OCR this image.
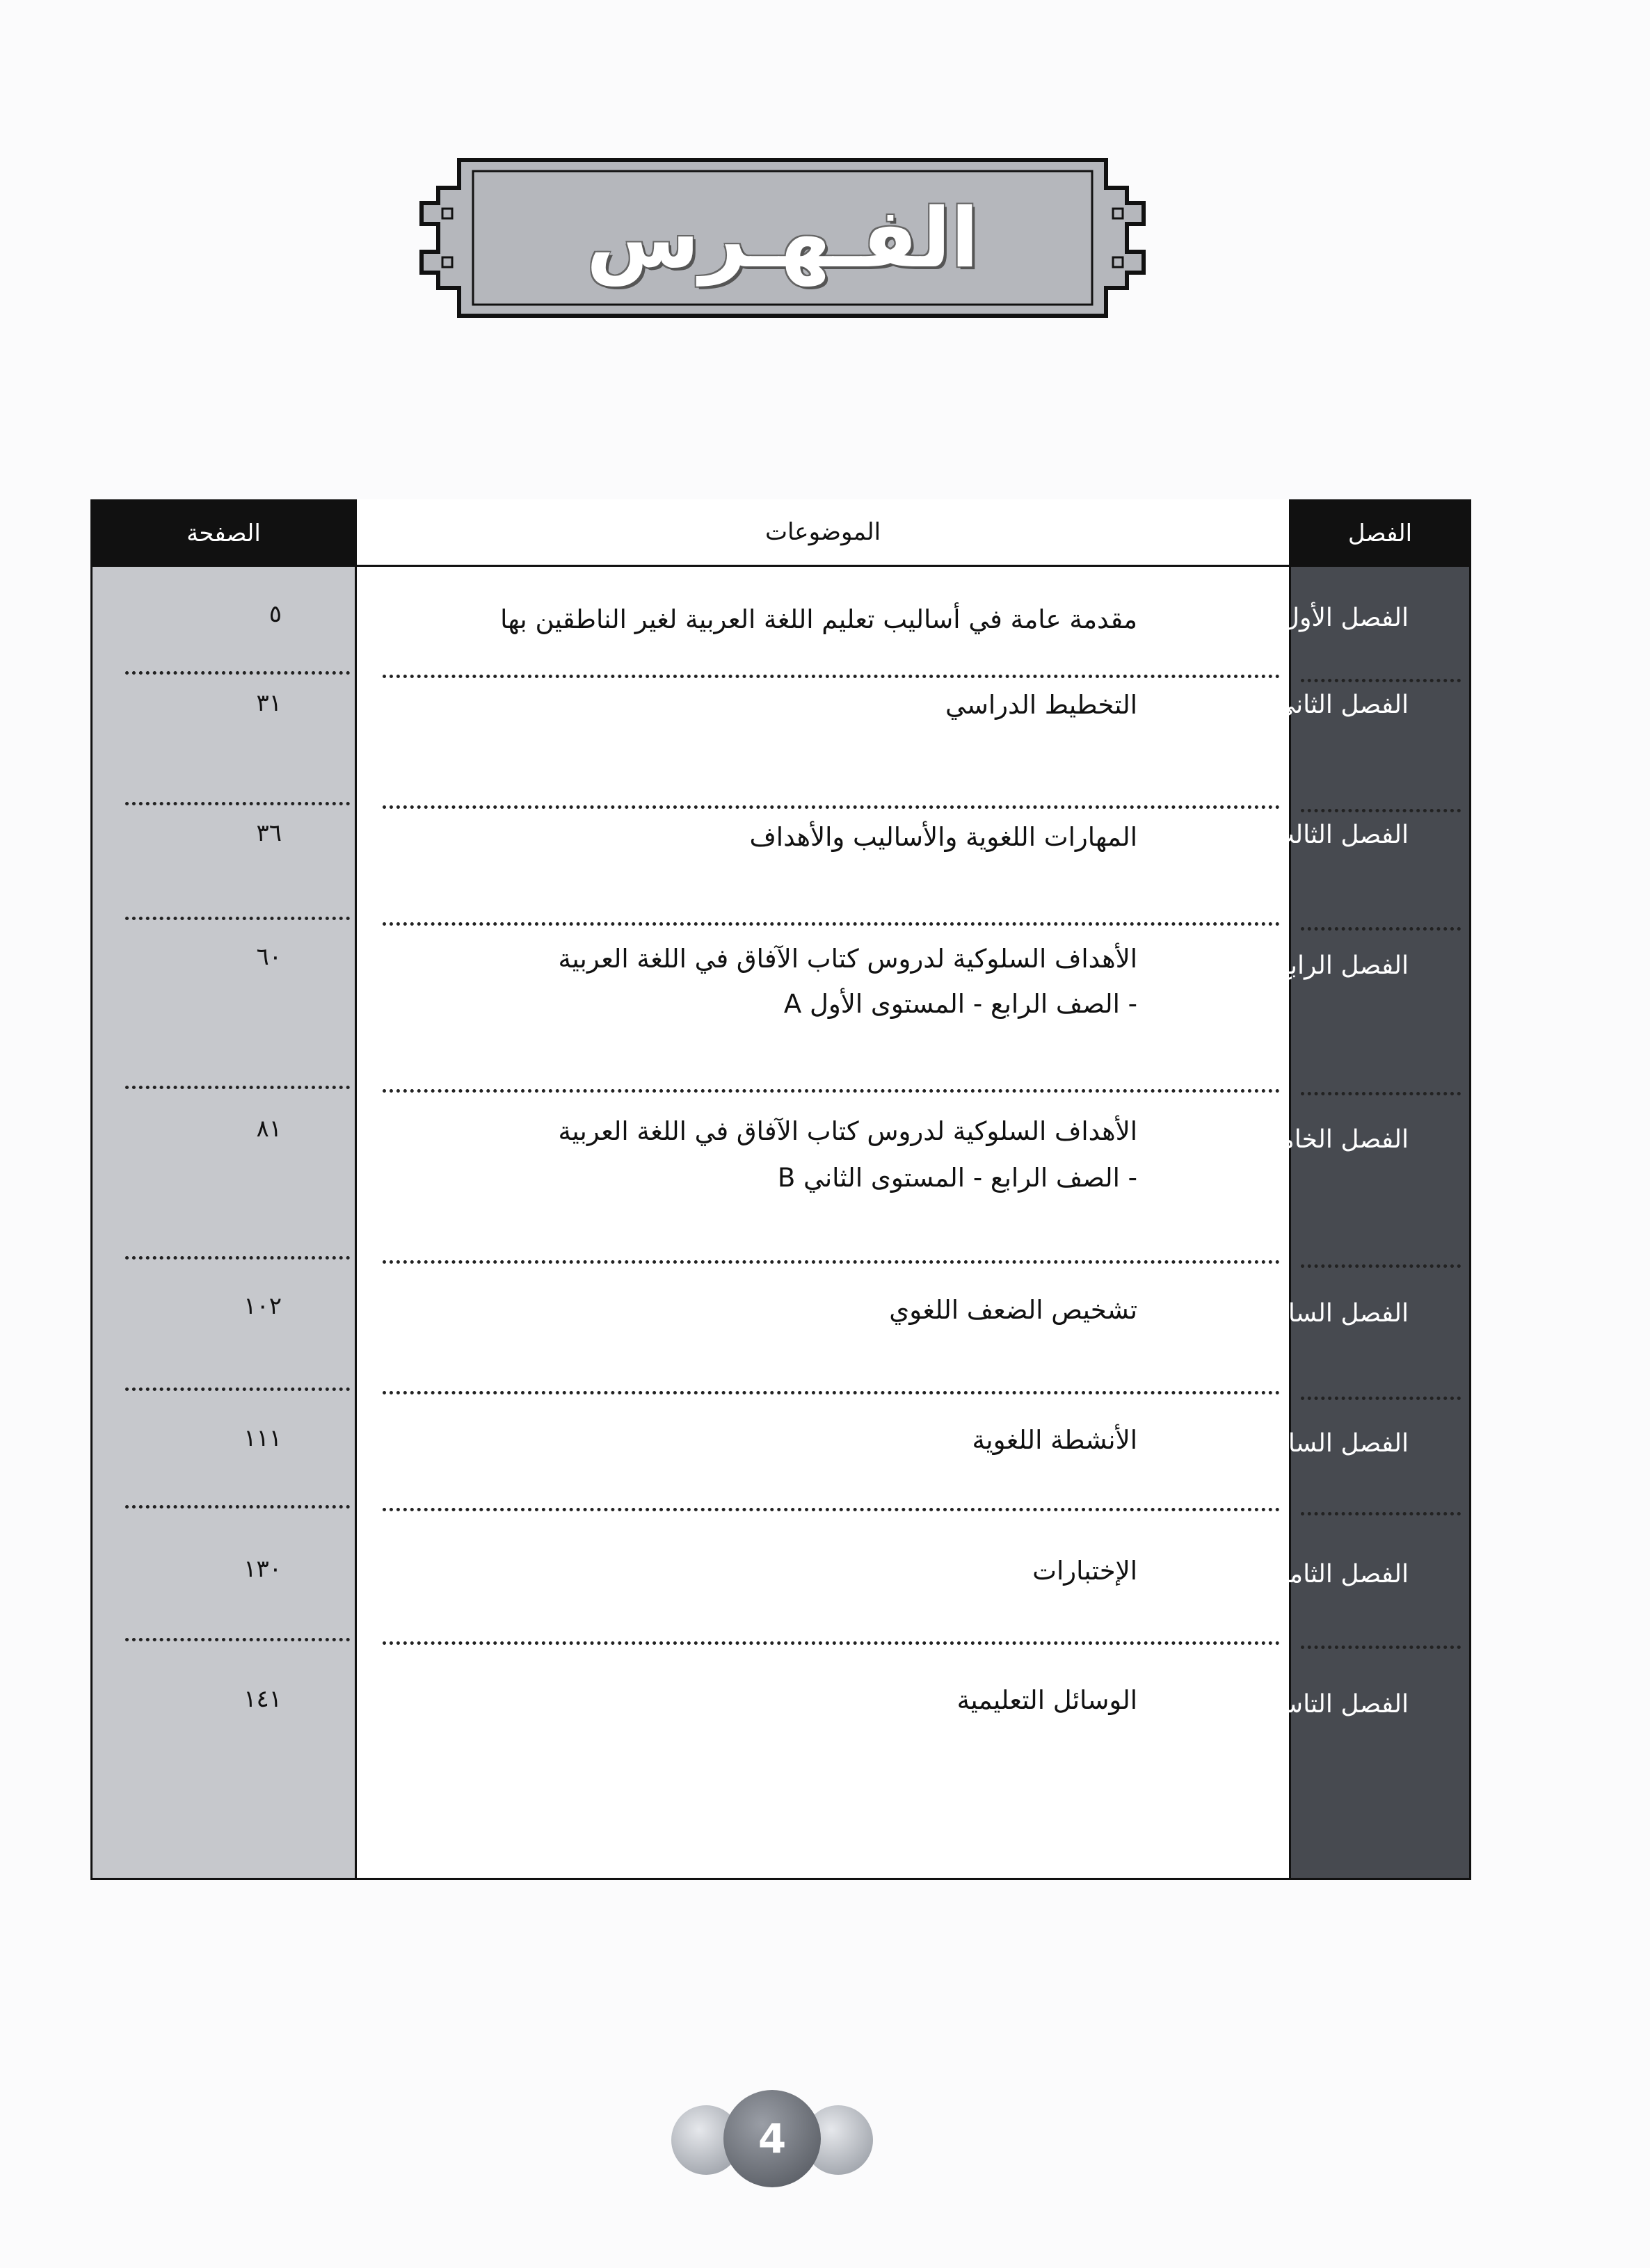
الفـهـرس
الصفحة	الموضوعات	الفصل
الفصل الأول
مقدمة عامة في أساليب تعليم اللغة العربية لغير الناطقين بها
٥
الفصل الثاني
التخطيط الدراسي
٣١
الفصل الثالث
المهارات اللغوية والأساليب والأهداف
٣٦
الفصل الرابع
الأهداف السلوكية لدروس كتاب الآفاق في اللغة العربية
- الصف الرابع - المستوى الأول A
٦٠
الفصل الخامس
الأهداف السلوكية لدروس كتاب الآفاق في اللغة العربية
- الصف الرابع - المستوى الثاني B
٨١
الفصل السادس
تشخيص الضعف اللغوي
١٠٢
الفصل السابع
الأنشطة اللغوية
١١١
الفصل الثامن
الإختبارات
١٣٠
الفصل التاسع
الوسائل التعليمية
١٤١
4
